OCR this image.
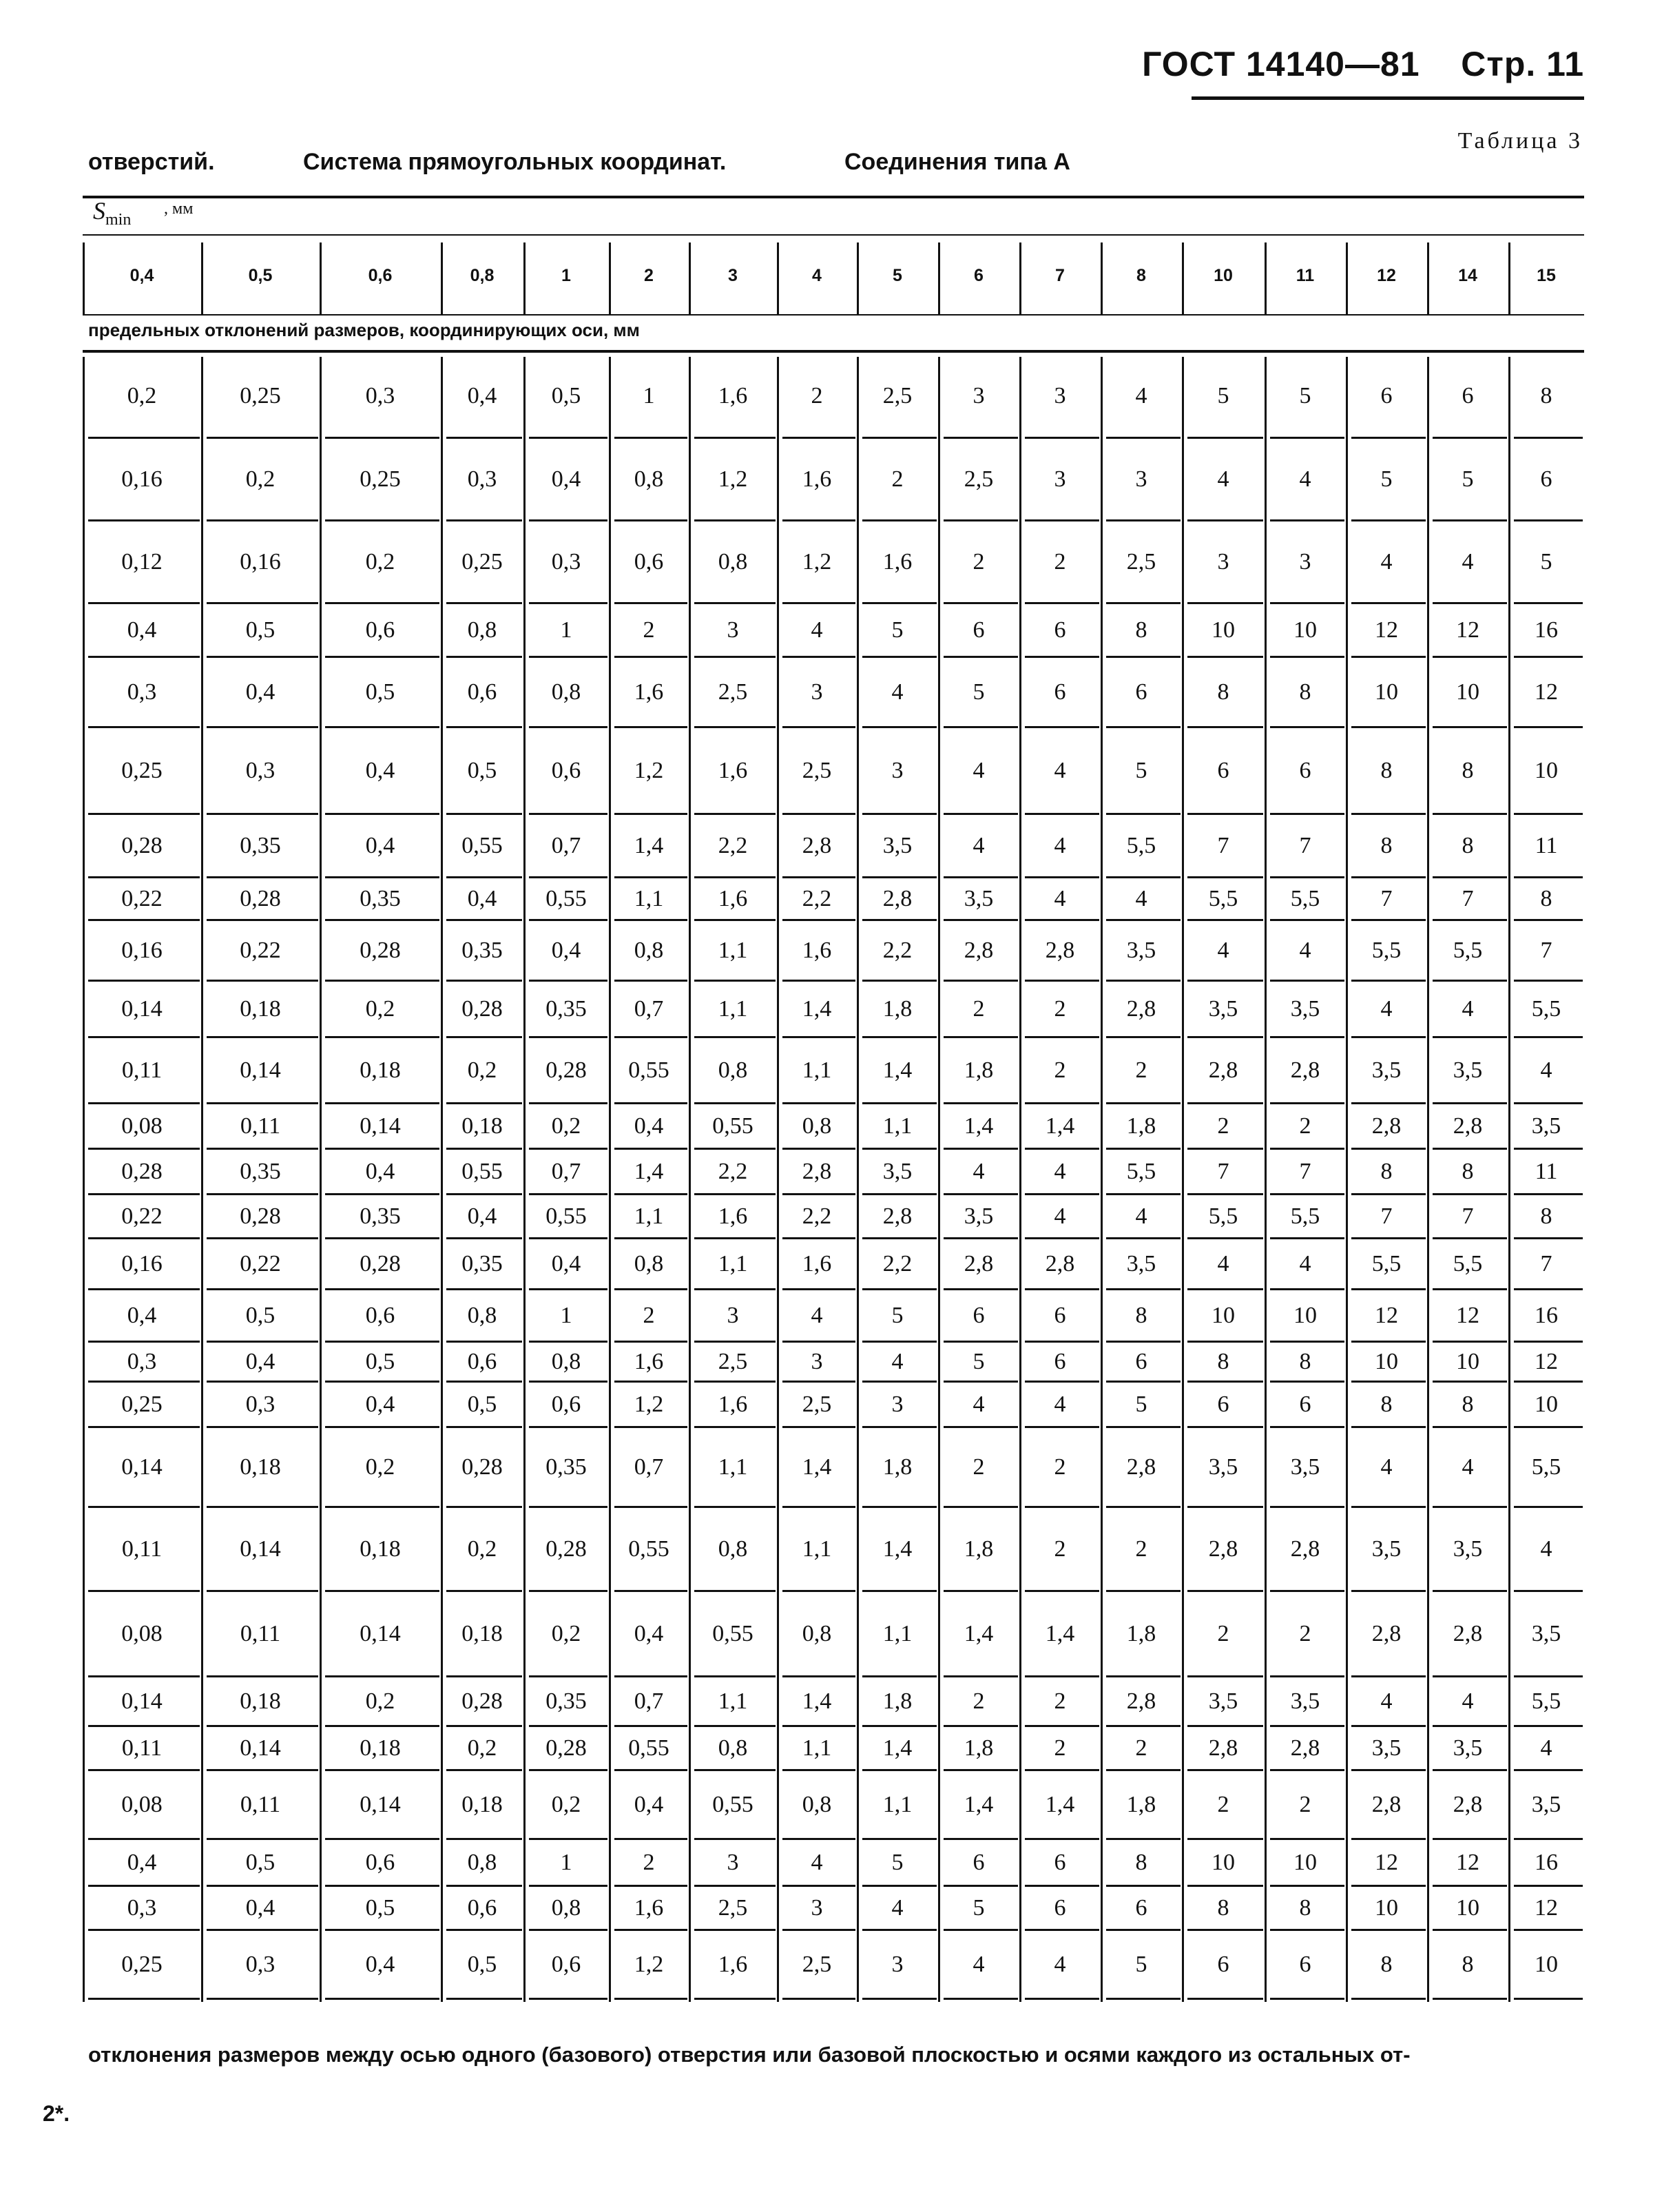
ГОСТ 14140—81 Стр. 11
отверстий.	Система прямоугольных координат.	Соединения типа А
Таблица 3
$S_{min}$
, мм
0,4	0,5	0,6	0,8	1	2	3	4	5	6	7	8	10	11	12	14	15
предельных отклонений размеров, координирующих оси, мм
0,2	0,25	0,3	0,4	0,5	1	1,6	2	2,5	3	3	4	5	5	6	6	8
0,16	0,2	0,25	0,3	0,4	0,8	1,2	1,6	2	2,5	3	3	4	4	5	5	6
0,12	0,16	0,2	0,25	0,3	0,6	0,8	1,2	1,6	2	2	2,5	3	3	4	4	5
0,4	0,5	0,6	0,8	1	2	3	4	5	6	6	8	10	10	12	12	16
0,3	0,4	0,5	0,6	0,8	1,6	2,5	3	4	5	6	6	8	8	10	10	12
0,25	0,3	0,4	0,5	0,6	1,2	1,6	2,5	3	4	4	5	6	6	8	8	10
0,28	0,35	0,4	0,55	0,7	1,4	2,2	2,8	3,5	4	4	5,5	7	7	8	8	11
0,22	0,28	0,35	0,4	0,55	1,1	1,6	2,2	2,8	3,5	4	4	5,5	5,5	7	7	8
0,16	0,22	0,28	0,35	0,4	0,8	1,1	1,6	2,2	2,8	2,8	3,5	4	4	5,5	5,5	7
0,14	0,18	0,2	0,28	0,35	0,7	1,1	1,4	1,8	2	2	2,8	3,5	3,5	4	4	5,5
0,11	0,14	0,18	0,2	0,28	0,55	0,8	1,1	1,4	1,8	2	2	2,8	2,8	3,5	3,5	4
0,08	0,11	0,14	0,18	0,2	0,4	0,55	0,8	1,1	1,4	1,4	1,8	2	2	2,8	2,8	3,5
0,28	0,35	0,4	0,55	0,7	1,4	2,2	2,8	3,5	4	4	5,5	7	7	8	8	11
0,22	0,28	0,35	0,4	0,55	1,1	1,6	2,2	2,8	3,5	4	4	5,5	5,5	7	7	8
0,16	0,22	0,28	0,35	0,4	0,8	1,1	1,6	2,2	2,8	2,8	3,5	4	4	5,5	5,5	7
0,4	0,5	0,6	0,8	1	2	3	4	5	6	6	8	10	10	12	12	16
0,3	0,4	0,5	0,6	0,8	1,6	2,5	3	4	5	6	6	8	8	10	10	12
0,25	0,3	0,4	0,5	0,6	1,2	1,6	2,5	3	4	4	5	6	6	8	8	10
0,14	0,18	0,2	0,28	0,35	0,7	1,1	1,4	1,8	2	2	2,8	3,5	3,5	4	4	5,5
0,11	0,14	0,18	0,2	0,28	0,55	0,8	1,1	1,4	1,8	2	2	2,8	2,8	3,5	3,5	4
0,08	0,11	0,14	0,18	0,2	0,4	0,55	0,8	1,1	1,4	1,4	1,8	2	2	2,8	2,8	3,5
0,14	0,18	0,2	0,28	0,35	0,7	1,1	1,4	1,8	2	2	2,8	3,5	3,5	4	4	5,5
0,11	0,14	0,18	0,2	0,28	0,55	0,8	1,1	1,4	1,8	2	2	2,8	2,8	3,5	3,5	4
0,08	0,11	0,14	0,18	0,2	0,4	0,55	0,8	1,1	1,4	1,4	1,8	2	2	2,8	2,8	3,5
0,4	0,5	0,6	0,8	1	2	3	4	5	6	6	8	10	10	12	12	16
0,3	0,4	0,5	0,6	0,8	1,6	2,5	3	4	5	6	6	8	8	10	10	12
0,25	0,3	0,4	0,5	0,6	1,2	1,6	2,5	3	4	4	5	6	6	8	8	10
отклонения размеров между осью одного (базового) отверстия или базовой плоскостью и осями каждого из остальных от-
2*.
